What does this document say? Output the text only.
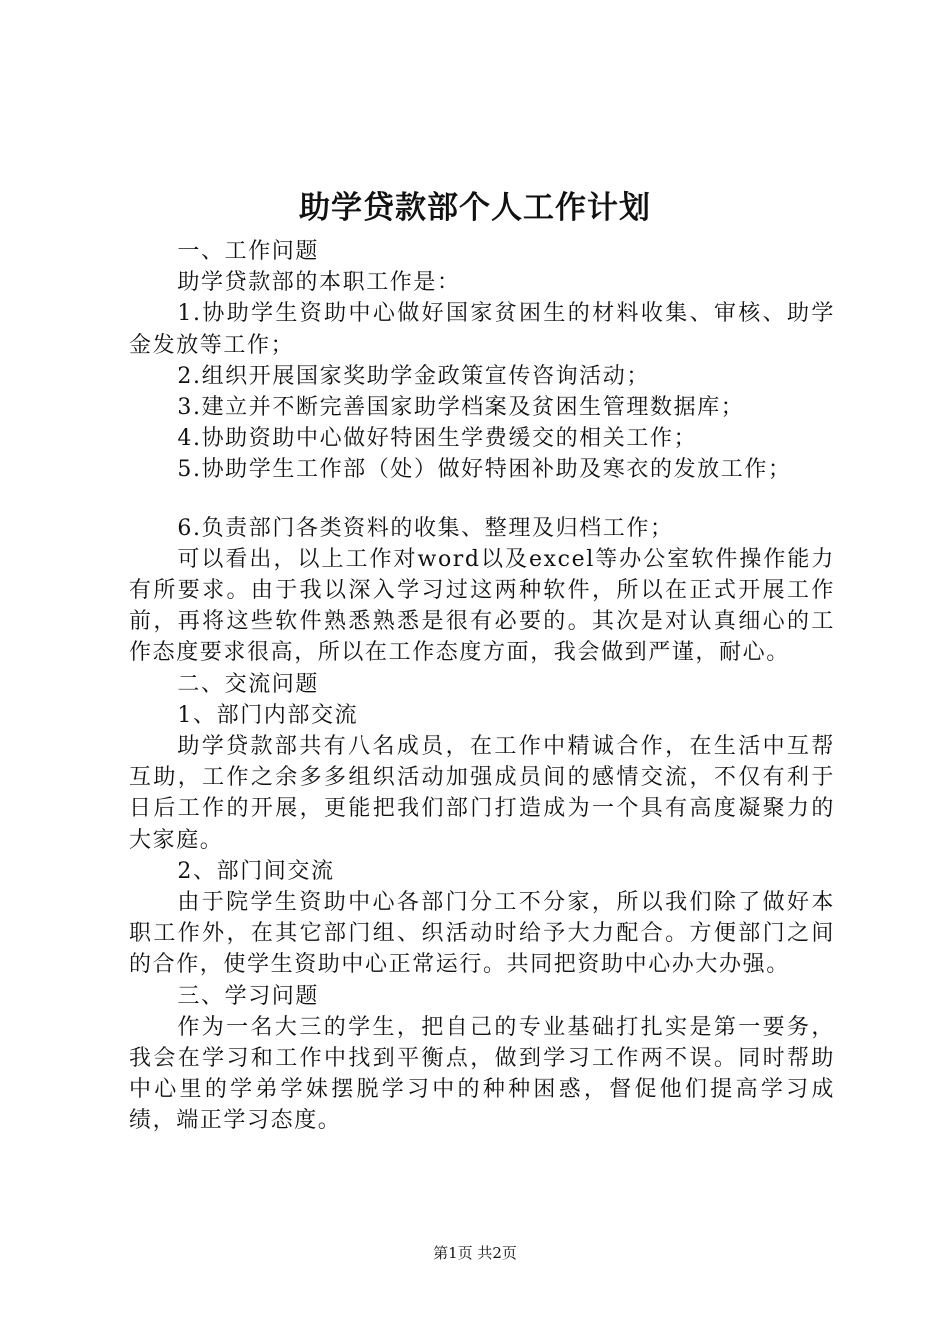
助学贷款部个人工作计划

一、工作问题

助学贷款部的本职工作是：

1.协助学生资助中心做好国家贫困生的材料收集、审核、助学金发放等工作；

2.组织开展国家奖助学金政策宣传咨询活动；

3.建立并不断完善国家助学档案及贫困生管理数据库；

4.协助资助中心做好特困生学费缓交的相关工作；

5.协助学生工作部（处）做好特困补助及寒衣的发放工作；

6.负责部门各类资料的收集、整理及归档工作；

可以看出，以上工作对word以及excel等办公室软件操作能力有所要求。由于我以深入学习过这两种软件，所以在正式开展工作前，再将这些软件熟悉熟悉是很有必要的。其次是对认真细心的工作态度要求很高，所以在工作态度方面，我会做到严谨，耐心。

二、交流问题

1、部门内部交流

助学贷款部共有八名成员，在工作中精诚合作，在生活中互帮互助，工作之余多多组织活动加强成员间的感情交流，不仅有利于日后工作的开展，更能把我们部门打造成为一个具有高度凝聚力的大家庭。

2、部门间交流

由于院学生资助中心各部门分工不分家，所以我们除了做好本职工作外，在其它部门组、织活动时给予大力配合。方便部门之间的合作，使学生资助中心正常运行。共同把资助中心办大办强。

三、学习问题

作为一名大三的学生，把自己的专业基础打扎实是第一要务，我会在学习和工作中找到平衡点，做到学习工作两不误。同时帮助中心里的学弟学妹摆脱学习中的种种困惑，督促他们提高学习成绩，端正学习态度。

第1页 共2页
